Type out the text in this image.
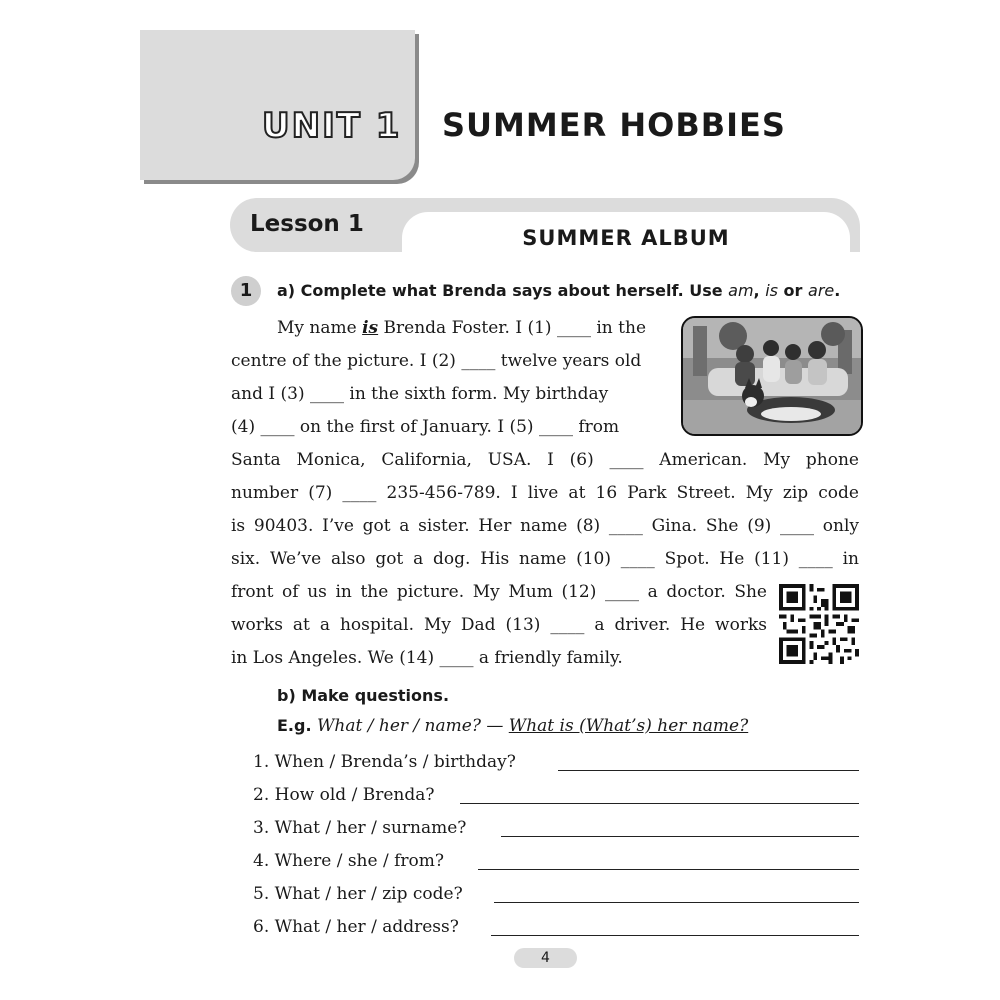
UNIT 1 SUMMER HOBBIES
Lesson 1
SUMMER ALBUM
1	a) Complete what Brenda says about herself. Use am, is or are.
My name is Brenda Foster. I (1) ____ in the
centre of the picture. I (2) ____ twelve years old
and I (3) ____ in the sixth form. My birthday
(4) ____ on the first of January. I (5) ____ from
Santa Monica, California, USA. I (6) ____ American. My phone
number (7) ____ 235-456-789. I live at 16 Park Street. My zip code
is 90403. I’ve got a sister. Her name (8) ____ Gina. She (9) ____ only
six. We’ve also got a dog. His name (10) ____ Spot. He (11) ____ in
front of us in the picture. My Mum (12) ____ a doctor. She
works at a hospital. My Dad (13) ____ a driver. He works
in Los Angeles. We (14) ____ a friendly family.
b) Make questions.
E.g. What / her / name? — What is (What’s) her name?
1. When / Brenda’s / birthday?
2. How old / Brenda?
3. What / her / surname?
4. Where / she / from?
5. What / her / zip code?
6. What / her / address?
4
